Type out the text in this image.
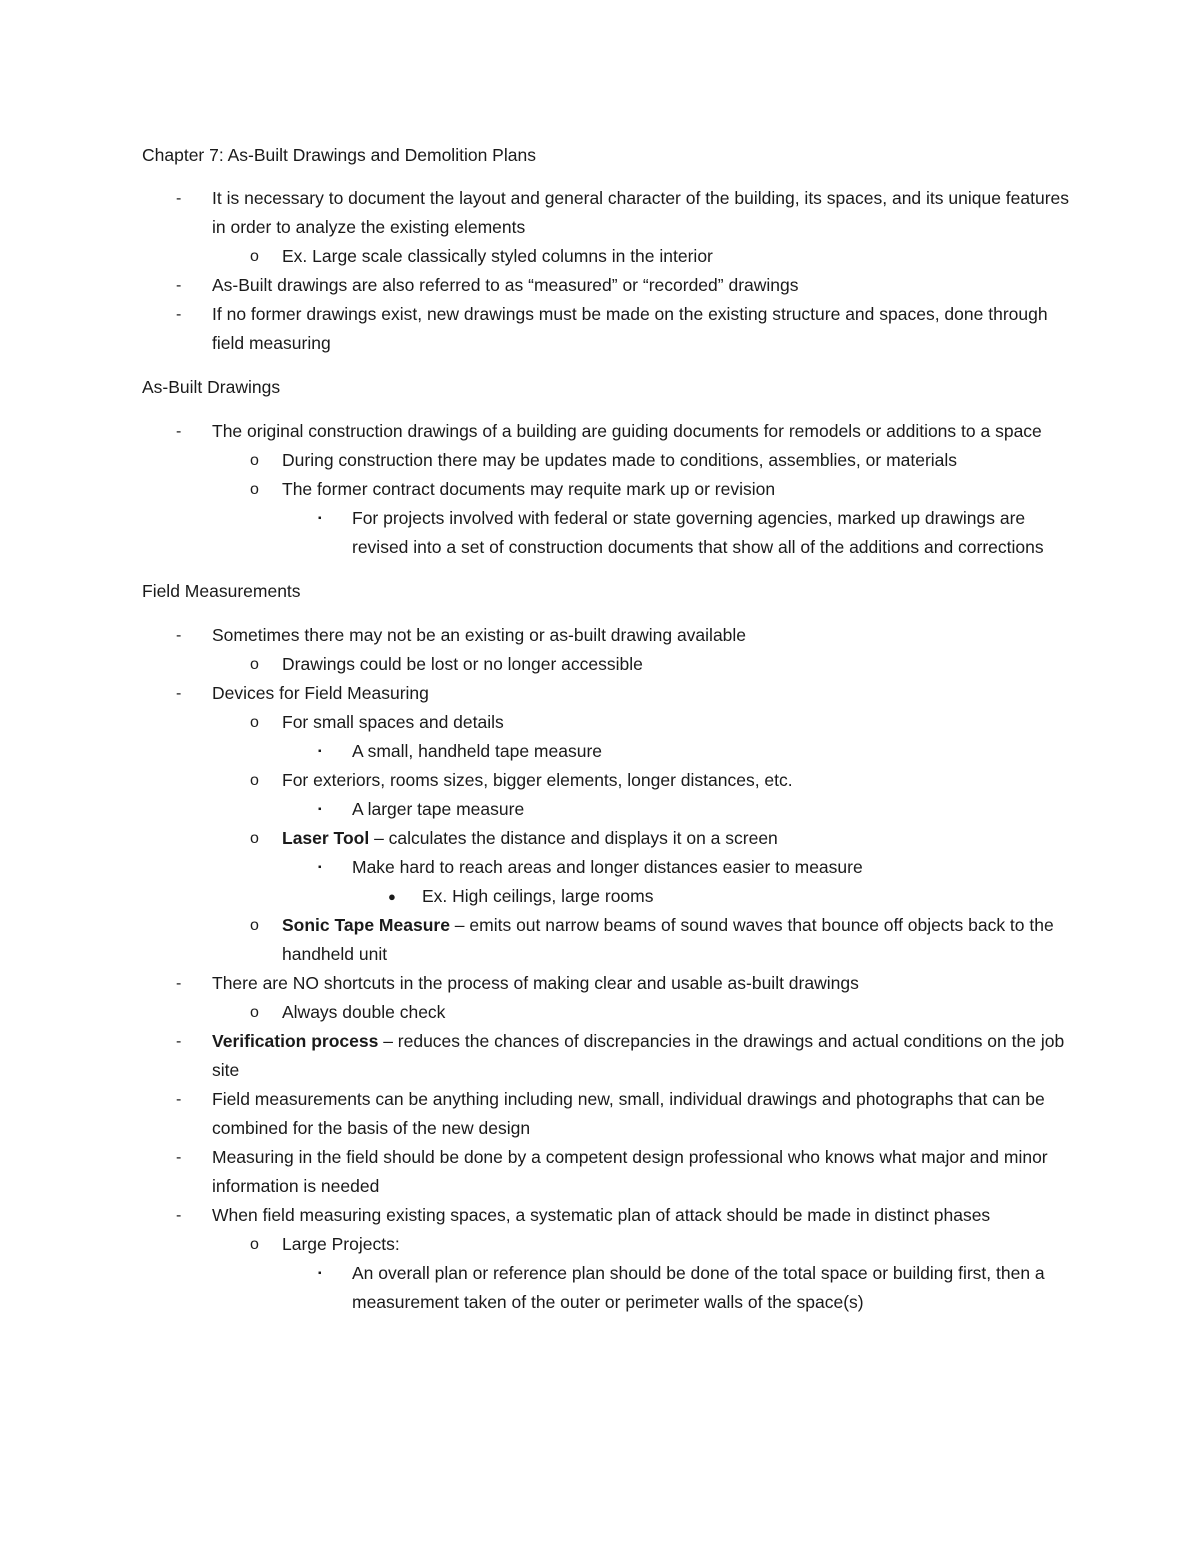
Chapter 7: As-Built Drawings and Demolition Plans

- It is necessary to document the layout and general character of the building, its spaces, and its unique features in order to analyze the existing elements
o Ex. Large scale classically styled columns in the interior
- As-Built drawings are also referred to as “measured” or “recorded” drawings
- If no former drawings exist, new drawings must be made on the existing structure and spaces, done through field measuring

As-Built Drawings

- The original construction drawings of a building are guiding documents for remodels or additions to a space
o During construction there may be updates made to conditions, assemblies, or materials
o The former contract documents may requite mark up or revision
▪ For projects involved with federal or state governing agencies, marked up drawings are revised into a set of construction documents that show all of the additions and corrections

Field Measurements

- Sometimes there may not be an existing or as-built drawing available
o Drawings could be lost or no longer accessible
- Devices for Field Measuring
o For small spaces and details
▪ A small, handheld tape measure
o For exteriors, rooms sizes, bigger elements, longer distances, etc.
▪ A larger tape measure
o Laser Tool – calculates the distance and displays it on a screen
▪ Make hard to reach areas and longer distances easier to measure
● Ex. High ceilings, large rooms
o Sonic Tape Measure – emits out narrow beams of sound waves that bounce off objects back to the handheld unit
- There are NO shortcuts in the process of making clear and usable as-built drawings
o Always double check
- Verification process – reduces the chances of discrepancies in the drawings and actual conditions on the job site
- Field measurements can be anything including new, small, individual drawings and photographs that can be combined for the basis of the new design
- Measuring in the field should be done by a competent design professional who knows what major and minor information is needed
- When field measuring existing spaces, a systematic plan of attack should be made in distinct phases
o Large Projects:
▪ An overall plan or reference plan should be done of the total space or building first, then a measurement taken of the outer or perimeter walls of the space(s)
